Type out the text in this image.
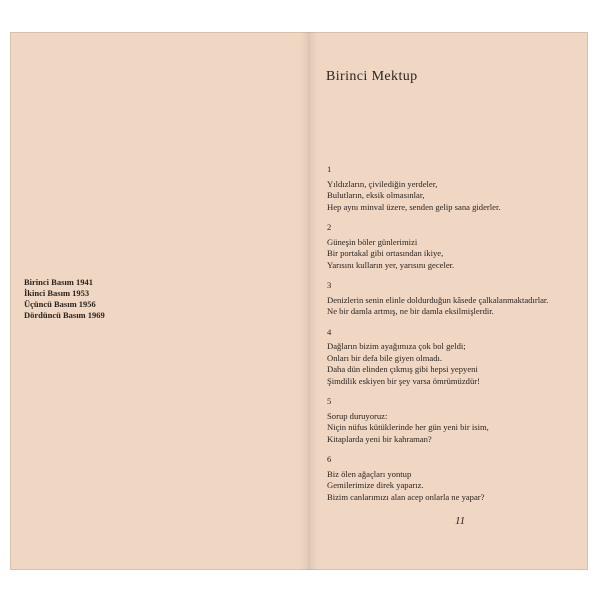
Birinci Basım 1941
İkinci Basım 1953
Üçüncü Basım 1956
Dördüncü Basım 1969
Birinci Mektup
1
Yıldızların, çivilediğin yerdeler,
Bulutların, eksik olmasınlar,
Hep aynı minval üzere, senden gelip sana giderler.
2
Güneşin böler günlerimizi
Bir portakal gibi ortasından ikiye,
Yarısını kulların yer, yarısını geceler.
3
Denizlerin senin elinle doldurduğun kâsede çalkalanmaktadırlar.
Ne bir damla artmış, ne bir damla eksilmişlerdir.
4
Dağların bizim ayağımıza çok bol geldi;
Onları bir defa bile giyen olmadı.
Daha dün elinden çıkmış gibi hepsi yepyeni
Şimdilik eskiyen bir şey varsa ömrümüzdür!
5
Sorup duruyoruz:
Niçin nüfus kütüklerinde her gün yeni bir isim,
Kitaplarda yeni bir kahraman?
6
Biz ölen ağaçları yontup
Gemilerimize direk yaparız.
Bizim canlarımızı alan acep onlarla ne yapar?
11
